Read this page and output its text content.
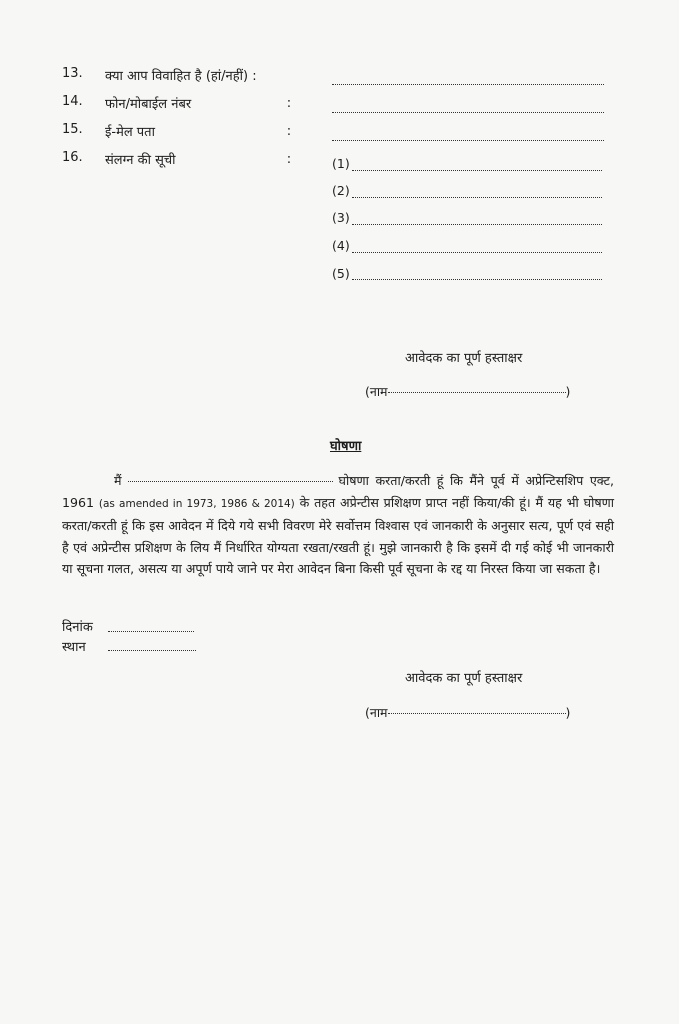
13. क्या आप विवाहित है (हां/नहीं) :
14. फोन/मोबाईल नंबर	:
15. ई-मेल पता	:
16. संलग्न की सूची	:	(1)
(2)
(3)
(4)
(5)
आवेदक का पूर्ण हस्ताक्षर
(नाम	)
घोषणा
मैं	घोषणा करता/करती हूं कि मैंने पूर्व में अप्रेन्टिसशिप एक्ट, 1961 (as amended in 1973, 1986 & 2014) के तहत अप्रेन्टीस प्रशिक्षण प्राप्त नहीं किया/की हूं। मैं यह भी घोषणा करता/करती हूं कि इस आवेदन में दिये गये सभी विवरण मेरे सर्वोत्तम विश्वास एवं जानकारी के अनुसार सत्य, पूर्ण एवं सही है एवं अप्रेन्टीस प्रशिक्षण के लिय मैं निर्धारित योग्यता रखता/रखती हूं। मुझे जानकारी है कि इसमें दी गई कोई भी जानकारी या सूचना गलत, असत्य या अपूर्ण पाये जाने पर मेरा आवेदन बिना किसी पूर्व सूचना के रद्द या निरस्त किया जा सकता है।
दिनांक
स्थान
आवेदक का पूर्ण हस्ताक्षर
(नाम	)
